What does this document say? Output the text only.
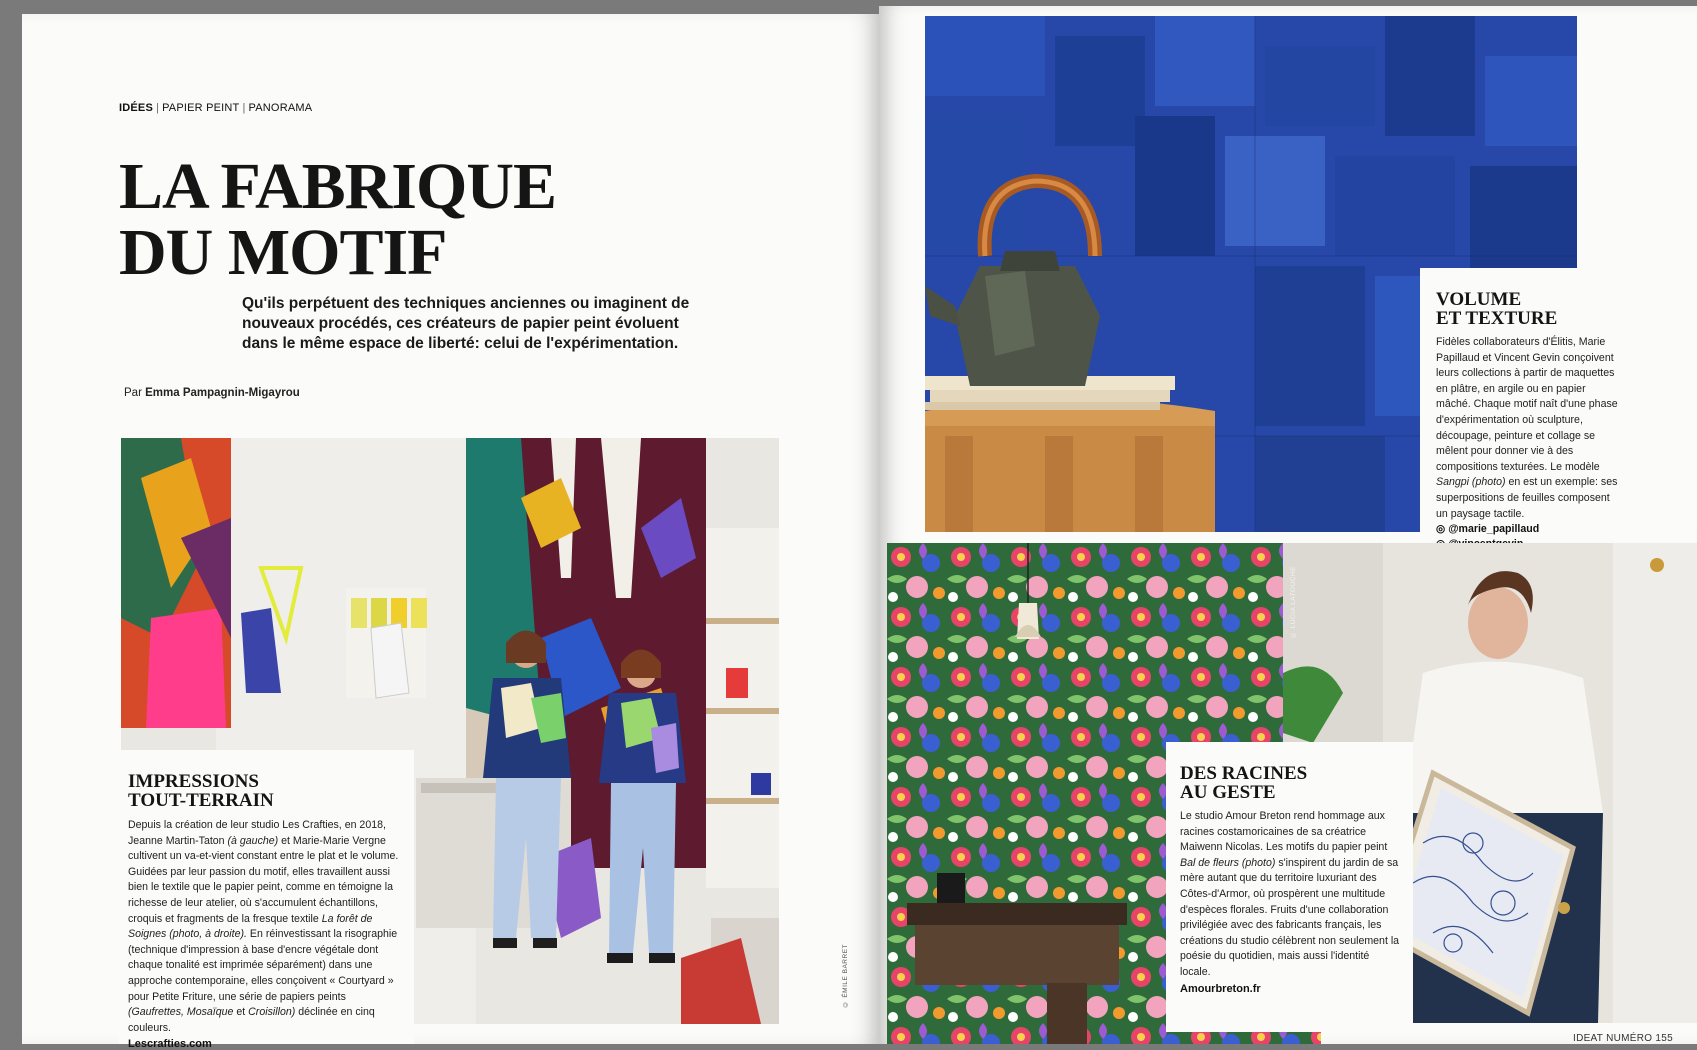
IDÉES | PAPIER PEINT | PANORAMA
LA FABRIQUE
DU MOTIF
Qu'ils perpétuent des techniques anciennes ou imaginent de nouveaux procédés, ces créateurs de papier peint évoluent dans le même espace de liberté: celui de l'expérimentation.
Par Emma Pampagnin-Migayrou
IMPRESSIONS
TOUT-TERRAIN
Depuis la création de leur studio Les Crafties, en 2018, Jeanne Martin-Taton (à gauche) et Marie-Marie Vergne cultivent un va-et-vient constant entre le plat et le volume. Guidées par leur passion du motif, elles travaillent aussi bien le textile que le papier peint, comme en témoigne la richesse de leur atelier, où s'accumulent échantillons, croquis et fragments de la fresque textile La forêt de Soignes (photo, à droite). En réinvestissant la risographie (technique d'impression à base d'encre végétale dont chaque tonalité est imprimée séparément) dans une approche contemporaine, elles conçoivent « Courtyard » pour Petite Friture, une série de papiers peints (Gaufrettes, Mosaïque et Croisillon) déclinée en cinq couleurs.
Lescrafties.com
© ÉMILE BARRET
VOLUME
ET TEXTURE
Fidèles collaborateurs d'Élitis, Marie Papillaud et Vincent Gevin conçoivent leurs collections à partir de maquettes en plâtre, en argile ou en papier mâché. Chaque motif naît d'une phase d'expérimentation où sculpture, découpage, peinture et collage se mêlent pour donner vie à des compositions texturées. Le modèle Sangpi (photo) en est un exemple: ses superpositions de feuilles composent un paysage tactile.
◎ @marie_papillaud
DES RACINES
AU GESTE
Le studio Amour Breton rend hommage aux racines costamoricaines de sa créatrice Maiwenn Nicolas. Les motifs du papier peint Bal de fleurs (photo) s'inspirent du jardin de sa mère autant que du territoire luxuriant des Côtes-d'Armor, où prospèrent une multitude d'espèces florales. Fruits d'une collaboration privilégiée avec des fabricants français, les créations du studio célèbrent non seulement la poésie du quotidien, mais aussi l'identité locale.
Amourbreton.fr
© LUCIA LATOUCHE
IDEAT NUMÉRO 155
